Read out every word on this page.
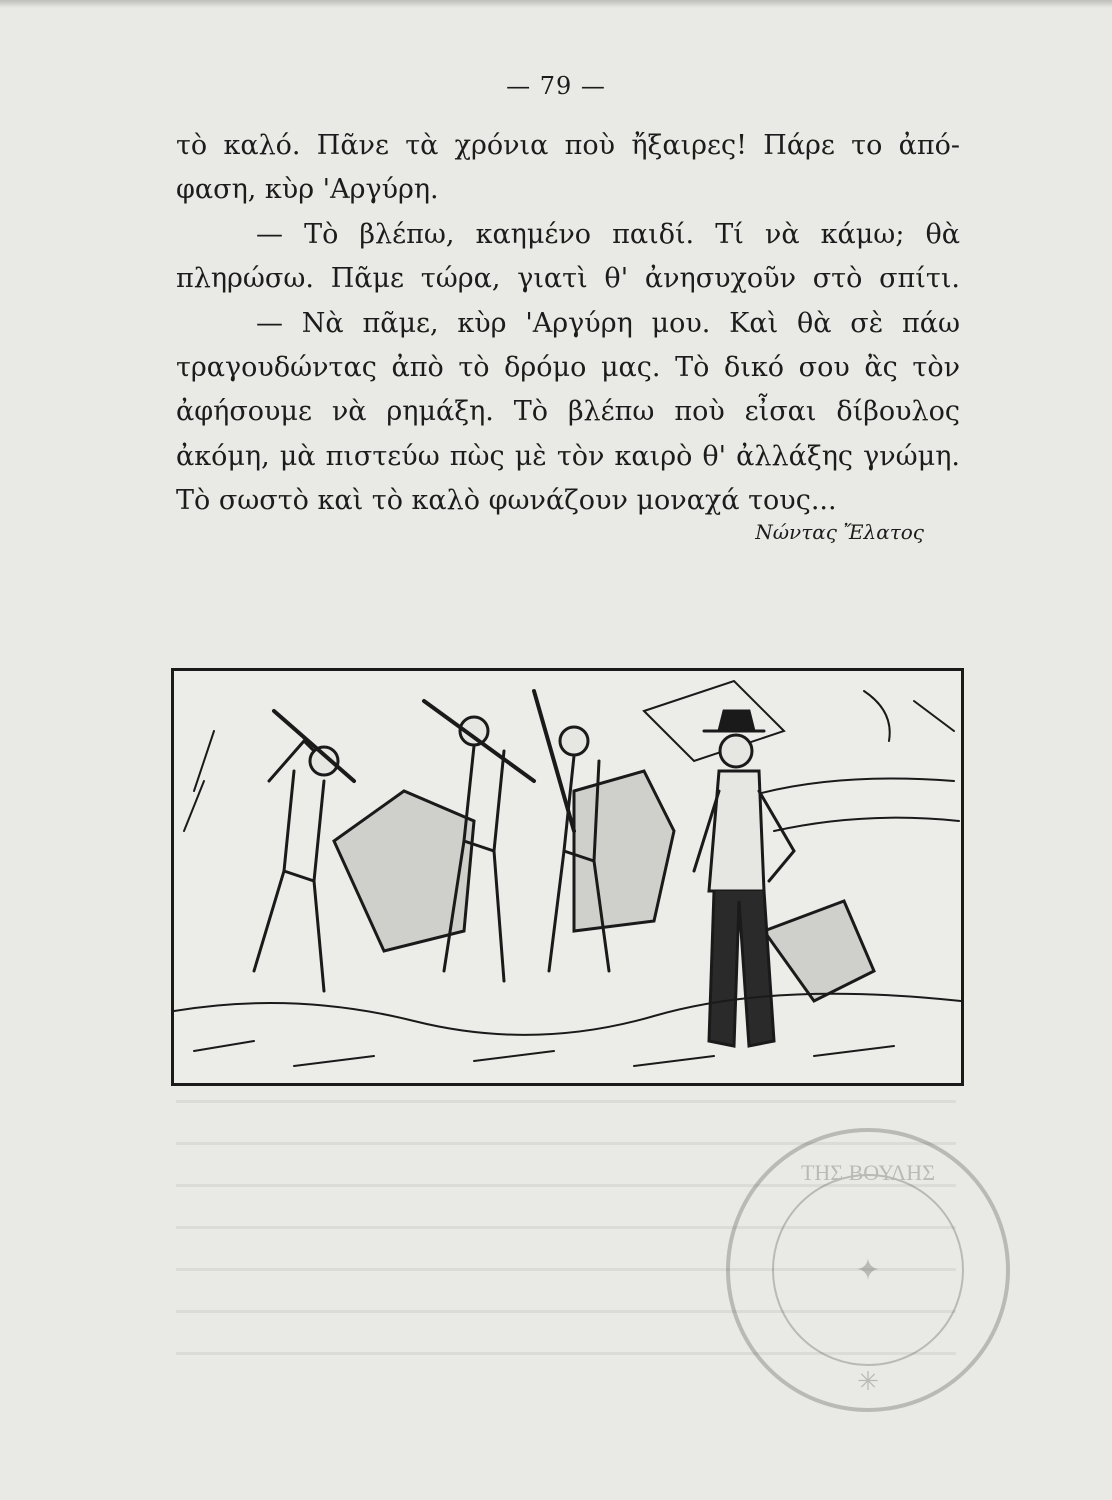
— 79 —
τὸ καλό. Πᾶνε τὰ χρόνια ποὺ ἤξαιρες! Πάρε το ἀπό-
φαση, κὺρ 'Αργύρη.
— Τὸ βλέπω, καημένο παιδί. Τί νὰ κάμω; θὰ
πληρώσω. Πᾶμε τώρα, γιατὶ θ' ἀνησυχοῦν στὸ σπίτι.
— Νὰ πᾶμε, κὺρ 'Αργύρη μου. Καὶ θὰ σὲ πάω
τραγουδώντας ἀπὸ τὸ δρόμο μας. Τὸ δικό σου ἂς τὸν
ἀφήσουμε νὰ ρημάξη. Τὸ βλέπω ποὺ εἶσαι δίβουλος
ἀκόμη, μὰ πιστεύω πὼς μὲ τὸν καιρὸ θ' ἀλλάξης γνώμη.
Τὸ σωστὸ καὶ τὸ καλὸ φωνάζουν μοναχά τους...
Νώντας Ἔλατος
ΤΗΣ ΒΟΥΛΗΣ
✦
✳
